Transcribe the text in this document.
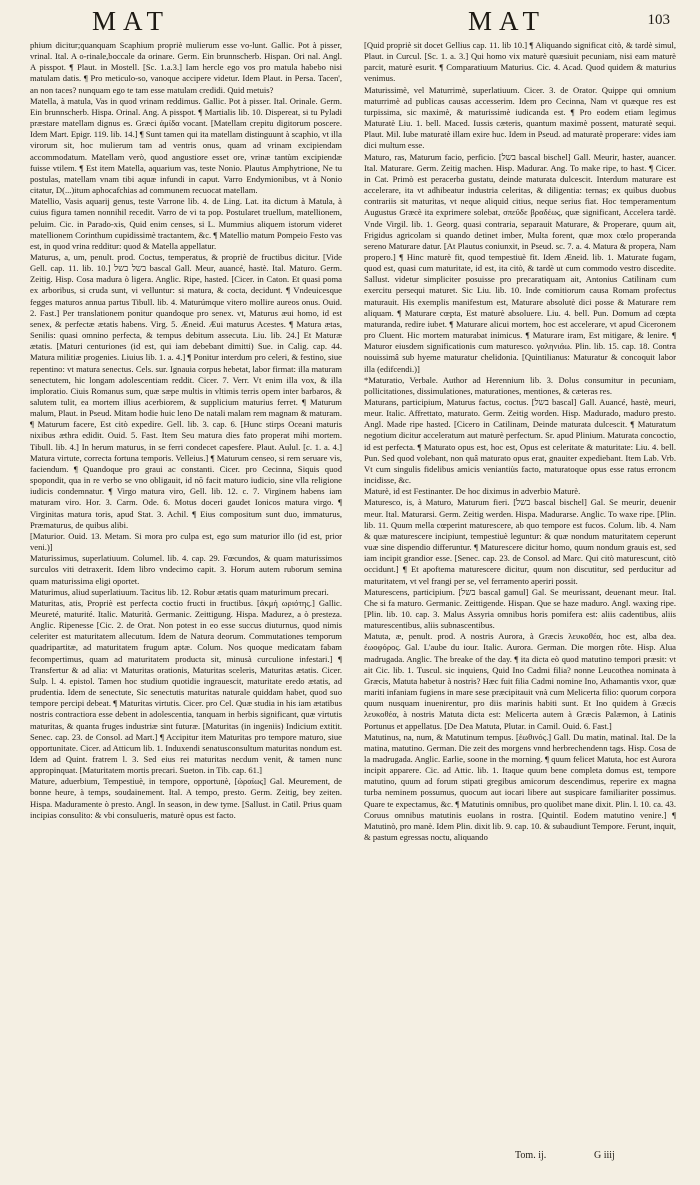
MAT	MAT	103

phium dicitur;quanquam Scaphium propriè mulierum esse vo-lunt. Gallic. Pot à pisser, vrinal. Ital. A o-rinale,boccale da orinare. Germ. Ein brunnscherb. Hispan. Ori nal. Angl. A pisspot. ¶ Plaut. in Mostell. [Sc. 1.a.3.] Iam hercle ego vos pro matula habebo nisi matulam datis. ¶ Pro meticulo-so, vanoque accipere videtur. Idem Plaut. in Persa. Tacen', an non taces? nunquam ego te tam esse matulam credidi. Quid metuis?

Matella, à matula, Vas in quod vrinam reddimus. Gallic. Pot à pisser. Ital. Orinale. Germ. Ein brunnscherb. Hispa. Orinal. Ang. A pisspot. ¶ Martialis lib. 10. Dispereat, si tu Pyladi præstare matellam dignus es. Græci ἀμίδα vocant. [Matellam crepitu digitorum poscere. Idem Mart. Epigr. 119. lib. 14.] ¶ Sunt tamen qui ita matellam distinguunt à scaphio, vt illa virorum sit, hoc mulierum tam ad ventris onus, quam ad vrinam excipiendam accommodatum. Matellam verò, quod angustiore esset ore, vrinæ tantùm excipiendæ fuisse vtilem. ¶ Est item Matella, aquarium vas, teste Nonio. Plautus Amphytrione, Ne tu postulas, matellam vnam tibi aquæ infundi in caput. Varro Endymionibus, vt à Nonio citatur, D(...)itum aphocafchias ad communem recuocat matellam.

Matellio, Vasis aquarij genus, teste Varrone lib. 4. de Ling. Lat. ita dictum à Matula, à cuius figura tamen nonnihil recedit. Varro de vi ta pop. Postularet truellum, matellionem, peluim. Cic. in Parado-xis, Quid enim censes, si L. Mummius aliquem istorum videret matellionem Corinthum cupidissimè tractantem, &c. ¶ Matellio matum Pompeio Festo vas est, in quod vrina redditur: quod & Matella appellatur.

Maturus, a, um, penult. prod. Coctus, temperatus, & propriè de fructibus dicitur. [Vide Gell. cap. 11. lib. 10.] בשל בשל bascal Gall. Meur, auancé, hastè. Ital. Maturo. Germ. Zeitig. Hisp. Cosa madura ò ligera. Anglic. Ripe, hasted. [Cicer. in Caton. Et quasi poma ex arboribus, si cruda sunt, vi velluntur: si matura, & cocta, decidunt. ¶ Vndeuicesque fegges maturos annua partus Tibull. lib. 4. Maturúmque vitero mollire aureos onus. Ouid. 2. Fast.] Per translationem ponitur quandoque pro senex. vt, Maturus æui homo, id est senex, & perfectæ ætatis habens. Virg. 5. Æneid. Æui maturus Acestes. ¶ Matura ætas, Senilis: quasi omnino perfecta, & tempus debitum assecuta. Liu. lib. 24.] Et Maturæ ætatis. [Maturi centuriones (id est, qui iam debebant dimitti) Sue. in Calig. cap. 44. Matura militiæ progenies. Liuius lib. 1. a. 4.] ¶ Ponitur interdum pro celeri, & festino, siue repentino: vt matura senectus. Cels. sur. Ignauia corpus hebetat, labor firmat: illa maturam senectutem, hic longam adolescentiam reddit. Cicer. 7. Verr. Vt enim illa vox, & illa imploratio. Ciuis Romanus sum, quæ sæpe multis in vltimis terris opem inter barbaros, & salutem tulit, ea mortem illius acerbiorem, & supplicium maturius ferret. ¶ Maturum malum, Plaut. in Pseud. Mitam hodie huic leno De natali malam rem magnam & maturam. ¶ Maturum facere, Est citò expedire. Gell. lib. 3. cap. 6. [Hunc stirps Oceani maturis nixibus æthra edidit. Ouid. 5. Fast. Item Seu matura dies fato properat mihi mortem. Tibull. lib. 4.] In herum maturus, in se ferri condecet capesfere. Plaut. Aulul. [c. 1. a. 4.] Matura virtute, correcta fortuna temporis. Velleius.] ¶ Maturum censeo, si rem seruare vis, faciendum. ¶ Quandoque pro graui ac constanti. Cicer. pro Cecinna, Siquis quod spopondit, qua in re verbo se vno obligauit, id nō facit maturo iudicio, sine vlla religione iudicis condemnatur. ¶ Virgo matura viro, Gell. lib. 12. c. 7. Virginem habens iam maturam viro. Hor. 3. Carm. Ode. 6. Motus doceri gaudet Ionicos matura virgo. ¶ Virginitas matura toris, apud Stat. 3. Achil. ¶ Eius compositum sunt duo, immaturus, Præmaturus, de quibus alibi.

[Maturior. Ouid. 13. Metam. Si mora pro culpa est, ego sum maturior illo (id est, prior veni.)]

Maturissimus, superlatiuum. Columel. lib. 4. cap. 29. Fœcundos, & quam maturissimos surculos viti detraxerit. Idem libro vndecimo capit. 3. Horum autem ruborum semina quam maturissima eligi oportet.

Maturimus, aliud superlatiuum. Tacitus lib. 12. Robur ætatis quam maturimum precari.

Maturitas, atis, Propriè est perfecta coctio fructi in fructibus. [ἀκμή ωριότης.] Gallic. Meureté, maturité. Italic. Maturità. Germanic. Zeittigung. Hispa. Madurez, a ò presteza. Anglic. Ripenesse [Cic. 2. de Orat. Non potest in eo esse succus diuturnus, quod nimis celeriter est maturitatem allecutum. Idem de Natura deorum. Commutationes temporum quadripartitæ, ad maturitatem frugum aptæ. Colum. Nos quoque medicatam fabam fecompertimus, quam ad maturitatem producta sit, minusà curculione infestari.] ¶ Transfertur & ad alia: vt Maturitas orationis, Maturitas sceleris, Maturitas ætatis. Cicer. Sulp. l. 4. epistol. Tamen hoc studium quotidie ingrauescit, maturitate eredo ætatis, ad prudentia. Idem de senectute, Sic senectutis maturitas naturale quiddam habet, quod suo tempore percipi debeat. ¶ Maturitas virtutis. Cicer. pro Cel. Quæ studia in his iam ætatibus nostris contractiora esse debent in adolescentia, tanquam in herbis significant, quæ virtutis maturitas, & quanta fruges industriæ sint futuræ. [Maturitas (in ingeniis) Indicium extitit. Senec. cap. 23. de Consol. ad Mart.] ¶ Accipitur item Maturitas pro tempore maturo, siue opportunitate. Cicer. ad Atticum lib. 1. Induxendi senatusconsultum maturitas nondum est. Idem ad Quint. fratrem l. 3. Sed eius rei maturitas necdum venit, & tamen nunc appropinquat. [Maturitatem mortis precari. Sueton. in Tib. cap. 61.]

Mature, aduerbium, Tempestiuè, in tempore, opportunè, [ὡραίως] Gal. Meurement, de bonne heure, à temps, soudainement. Ital. A tempo, presto. Germ. Zeitig, bey zeiten. Hispa. Maduramente ò presto. Angl. In season, in dew tyme. [Sallust. in Catil. Prius quam incipias consulito: & vbi consulueris, maturè opus est facto.

[Quid propriè sit docet Gellius cap. 11. lib 10.] ¶ Aliquando significat citò, & tardè simul, Plaut. in Curcul. [Sc. 1. a. 3.] Qui homo vix maturè quæsiuit pecuniam, nisi eam maturè parcit, maturè esurit. ¶ Comparatiuum Maturius. Cic. 4. Acad. Quod quidem & maturius venimus.

Maturissimè, vel Maturrimè, superlatiuum. Cicer. 3. de Orator. Quippe qui omnium maturrimè ad publicas causas accesserim. Idem pro Cecinna, Nam vt quæque res est turpissima, sic maximè, & maturissimè iudicanda est. ¶ Pro eodem etiam legimus Maturatè Liu. 1. bell. Maced. Iussis cæteris, quantum maximè possent, maturatè sequi. Plaut. Mil. Iube maturatè illam exire huc. Idem in Pseud. ad maturatè properare: vides iam dici multum esse.

Maturo, ras, Maturum facio, perficio. [בשל bascal bischel] Gall. Meurir, haster, auancer. Ital. Maturare. Germ. Zeitig machen. Hisp. Madurar. Ang. To make ripe, to hast. ¶ Cicer. in Cat. Primò est peracerba gustatu, deinde maturata dulcescit. Interdum maturare est accelerare, ita vt adhibeatur industria celeritas, & diligentia: ternas; ex quibus duobus contrariis sit maturitas, vt neque aliquid citius, neque serius fiat. Hoc temperamentum Augustus Græcè ita exprimere solebat, σπεῦδε βραδέως, quæ significant, Accelera tardè. Vnde Virgil. lib. 1. Georg. quasi contraria, separauit Maturare, & Properare, quum ait, Frigidus agricolam si quando detinet imber, Multa forent, quæ mox cœlo properanda sereno Maturare datur. [At Plautus coniunxit, in Pseud. sc. 7. a. 4. Matura & propera, Nam propero.] ¶ Hinc maturè fit, quod tempestiuè fit. Idem Æneid. lib. 1. Maturate fugam, quod est, quasi cum maturitate, id est, ita citò, & tardè ut cum commodo vestro discedite. Sallust. videtur simpliciter posuisse pro precaratiquam ait, Antonius Catilinam cum exercitu persequi maturet. Sic Liu. lib. 10. Inde comitiorum causa Romam profectus maturauit. His exemplis manifestum est, Maturare absolutè dici posse & Maturare rem aliquam. ¶ Maturare cœpta, Est maturè absoluere. Liu. 4. bell. Pun. Domum ad cœpta maturanda, redire iubet. ¶ Maturare alicui mortem, hoc est accelerare, vt apud Ciceronem pro Cluent. Hic mortem maturabat inimicus. ¶ Maturare iram, Est mitigare, & lenire. ¶ Maturor eiusdem significationis cum maturesco. γαληνιάω. Plin. lib. 15. cap. 18. Contra nouissimâ sub hyeme maturatur chelidonia. [Quintilianus: Maturatur & concoquit labor illa (edifcendi.)]

*Maturatio, Verbale. Author ad Herennium lib. 3. Dolus consumitur in pecuniam, pollicitationes, dissimulationes, maturationes, mentiones, & cæteras res.

Maturans, participium, Maturus factus, coctus. [בשל bascal] Gall. Auancé, hastè, meuri, meur. Italic. Affrettato, maturato. Germ. Zeitig worden. Hisp. Madurado, maduro presto. Angl. Made ripe hasted. [Cicero in Catilinam, Deinde maturata dulcescit. ¶ Maturatum negotium dicitur acceleratum aut maturè perfectum. Sr. apud Plinium. Maturata concoctio, id est perfecta. ¶ Maturato opus est, hoc est, Opus est celeritate & maturitate: Liu. 4. bell. Pun. Sed quod volebant, non quâ maturato opus erat, gnauiter expediebant. Item Lab. Vrb. Vt cum singulis fidelibus amicis veniantiùs facto, maturatoque opus esse ratus erroncm incidisse, &c.

Maturè, id est Festinanter. De hoc diximus in adverbio Maturè.

Maturesco, is, à Maturo, Maturum fieri. [בשל bascal bischel] Gal. Se meurir, deuenir meur. Ital. Maturarsi. Germ. Zeitig werden. Hispa. Madurarse. Anglic. To waxe ripe. [Plin. lib. 11. Quum mella cœperint maturescere, ab quo tempore est fucos. Colum. lib. 4. Nam & quæ maturescere incipiunt, tempestiuè leguntur: & quæ nondum maturitatem ceperunt vuæ sine dispendio differuntur. ¶ Maturescere dicitur homo, quum nondum grauis est, sed iam incipit grandior esse. [Senec. cap. 23. de Consol. ad Marc. Qui citò maturescunt, citò occidunt.] ¶ Et apoftema maturescere dicitur, quum non discutitur, sed perducitur ad maturitatem, vt vel frangi per se, vel ferramento aperiri possit.

Maturescens, participium. [בשל bascal gamul] Gal. Se meurissant, deuenant meur. Ital. Che si fa maturo. Germanic. Zeittigende. Hispan. Que se haze maduro. Angl. waxing ripe. [Plin. lib. 10. cap. 3. Malus Assyria omnibus horis pomifera est: aliis cadentibus, aliis maturescentibus, aliis subnascentibus.

Matuta, æ, penult. prod. A nostris Aurora, à Græcis λευκοθέα, hoc est, alba dea. ἐωοφόρος. Gal. L'aube du iour. Italic. Aurora. German. Die morgen rôte. Hisp. Alua madrugada. Anglic. The breake of the day. ¶ ita dicta eò quod matutino tempori præsit: vt ait Cic. lib. 1. Tuscul. sic inquiens, Quid Ino Cadmi filia? nonne Leucothea nominata à Græcis, Matuta habetur à nostris? Hæc fuit filia Cadmi nomine Ino, Athamantis vxor, quæ mariti infaniam fugiens in mare sese præcipitauit vnà cum Melicerta filio: quorum corpora quum nusquam inuenirentur, pro diis marinis habiti sunt. Et Ino quidem à Græcis λευκοθέα, à nostris Matuta dicta est: Melicerta autem à Græcis Palæmon, à Latinis Portunus et appellatus. [De Dea Matuta, Plutar. in Camil. Ouid. 6. Fast.]

Matutinus, na, num, & Matutinum tempus. [ἑωθινός.] Gall. Du matin, matinal. Ital. De la matina, matutino. German. Die zeit des morgens vnnd herbrechendenn tags. Hisp. Cosa de la madrugada. Anglic. Earlie, soone in the morning. ¶ quum felicet Matuta, hoc est Aurora incipit apparere. Cic. ad Attic. lib. 1. Itaque quum bene completa domus est, tempore matutino, quum ad forum stipati gregibus amicorum descendimus, reperire ex magna turba neminem possumus, quocum aut iocari libere aut suspicare familiariter possimus. Quare te expectamus, &c. ¶ Matutinis omnibus, pro quolibet mane dixit. Plin. l. 10. ca. 43. Coruus omnibus matutinis euolans in rostra. [Quintil. Eodem matutino venire.] ¶ Matutinò, pro manè. Idem Plin. dixit lib. 9. cap. 10. & subaudiunt Tempore. Ferunt, inquit, & pastum egressas noctu, aliquando

Tom. ij.	G iiij
